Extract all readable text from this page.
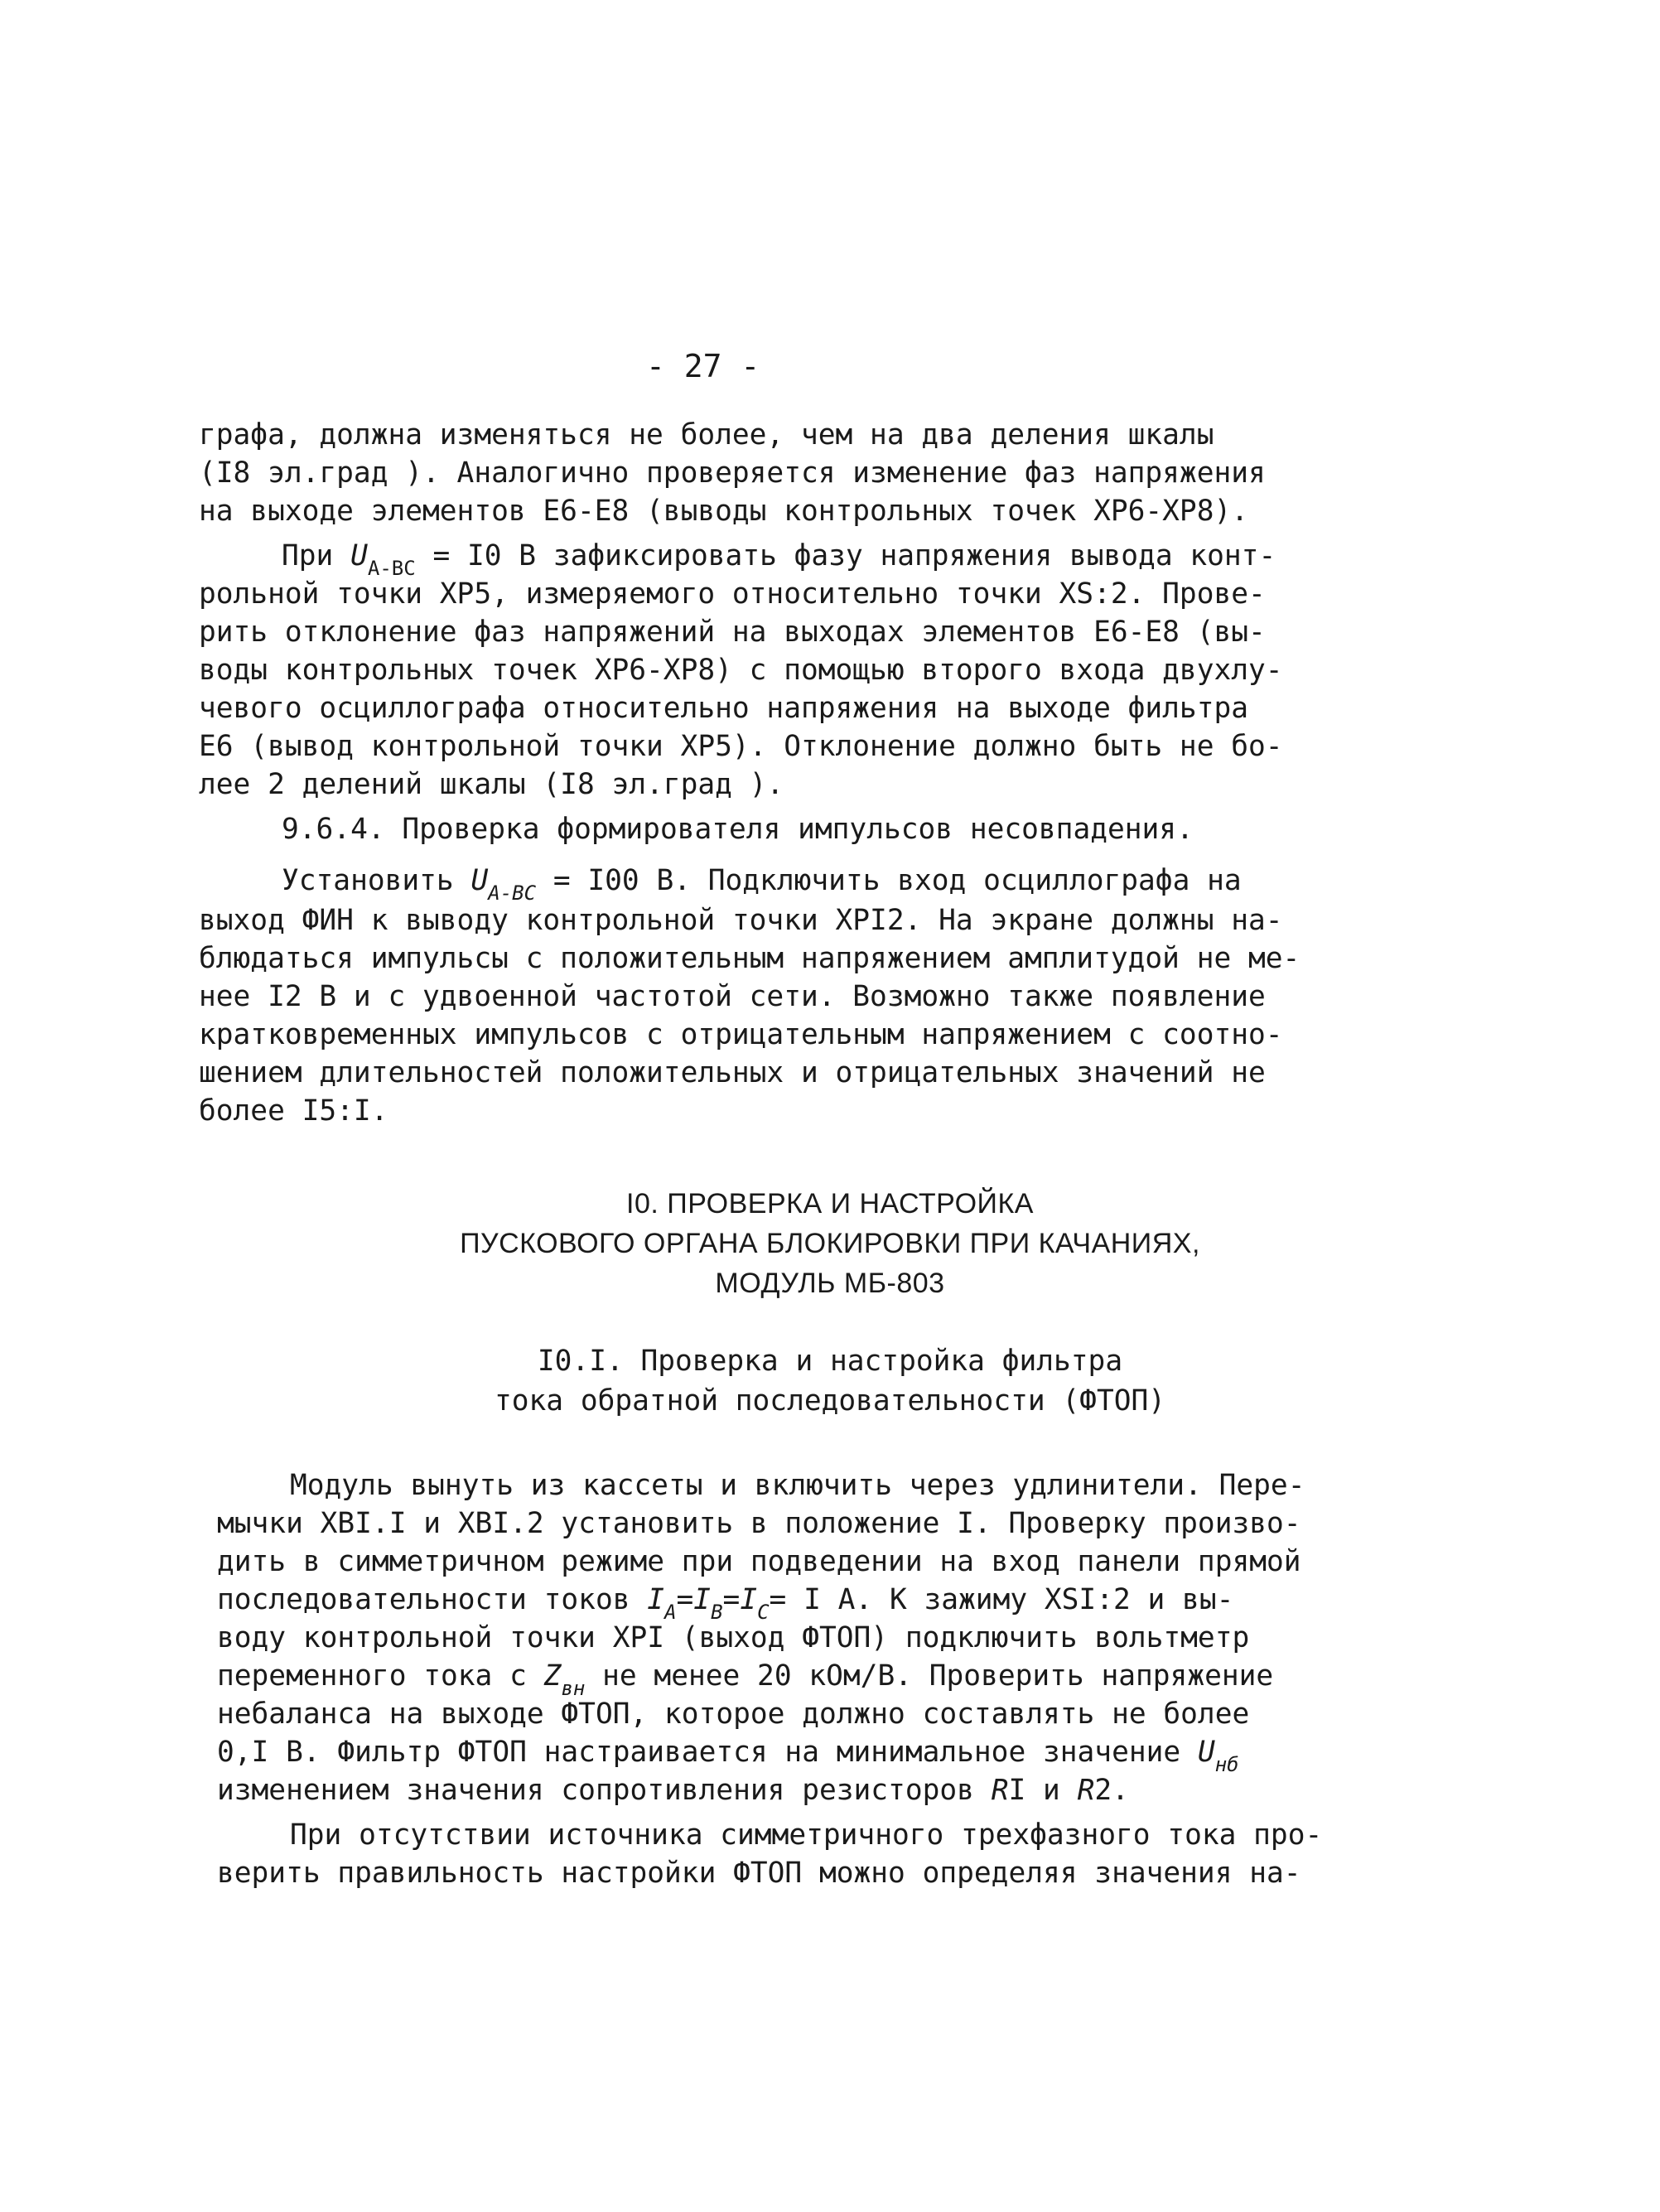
- 27 -
графа, должна изменяться не более, чем на два деления шкалы
(I8 эл.град ). Аналогично проверяется изменение фаз напряжения
на выходе элементов Е6-Е8 (выводы контрольных точек ХР6-ХР8).
При $U_{A-BC} = I0$ В зафиксировать фазу напряжения вывода конт-
рольной точки ХР5, измеряемого относительно точки XS:2. Прове-
рить отклонение фаз напряжений на выходах элементов Е6-Е8 (вы-
воды контрольных точек ХР6-ХР8) с помощью второго входа двухлу-
чевого осциллографа относительно напряжения на выходе фильтра
Е6 (вывод контрольной точки ХР5). Отклонение должно быть не бо-
лее 2 делений шкалы (I8 эл.град ).
9.6.4. Проверка формирователя импульсов несовпадения.
Установить $U_{A-BC} = I00$ В. Подключить вход осциллографа на
выход ФИН к выводу контрольной точки ХРI2. На экране должны на-
блюдаться импульсы с положительным напряжением амплитудой не ме-
нее I2 В и с удвоенной частотой сети. Возможно также появление
кратковременных импульсов с отрицательным напряжением с соотно-
шением длительностей положительных и отрицательных значений не
более I5:I.
I0. ПРОВЕРКА И НАСТРОЙКА
ПУСКОВОГО ОРГАНА БЛОКИРОВКИ ПРИ КАЧАНИЯХ,
МОДУЛЬ МБ-803
I0.I. Проверка и настройка фильтра
тока обратной последовательности (ФТОП)
Модуль вынуть из кассеты и включить через удлинители. Пере-
мычки XBI.I и XBI.2 установить в положение I. Проверку произво-
дить в симметричном режиме при подведении на вход панели прямой
последовательности токов $I_A=I_B=I_C= I$ А. К зажиму XSI:2 и вы-
воду контрольной точки ХРI (выход ФТОП) подключить вольтметр
переменного тока с $Z_{вн}$ не менее 20 кОм/В. Проверить напряжение
небаланса на выходе ФТОП, которое должно составлять не более
0,I В. Фильтр ФТОП настраивается на минимальное значение $U_{нб}$
изменением значения сопротивления резисторов RI и R2.
При отсутствии источника симметричного трехфазного тока про-
верить правильность настройки ФТОП можно определяя значения на-
